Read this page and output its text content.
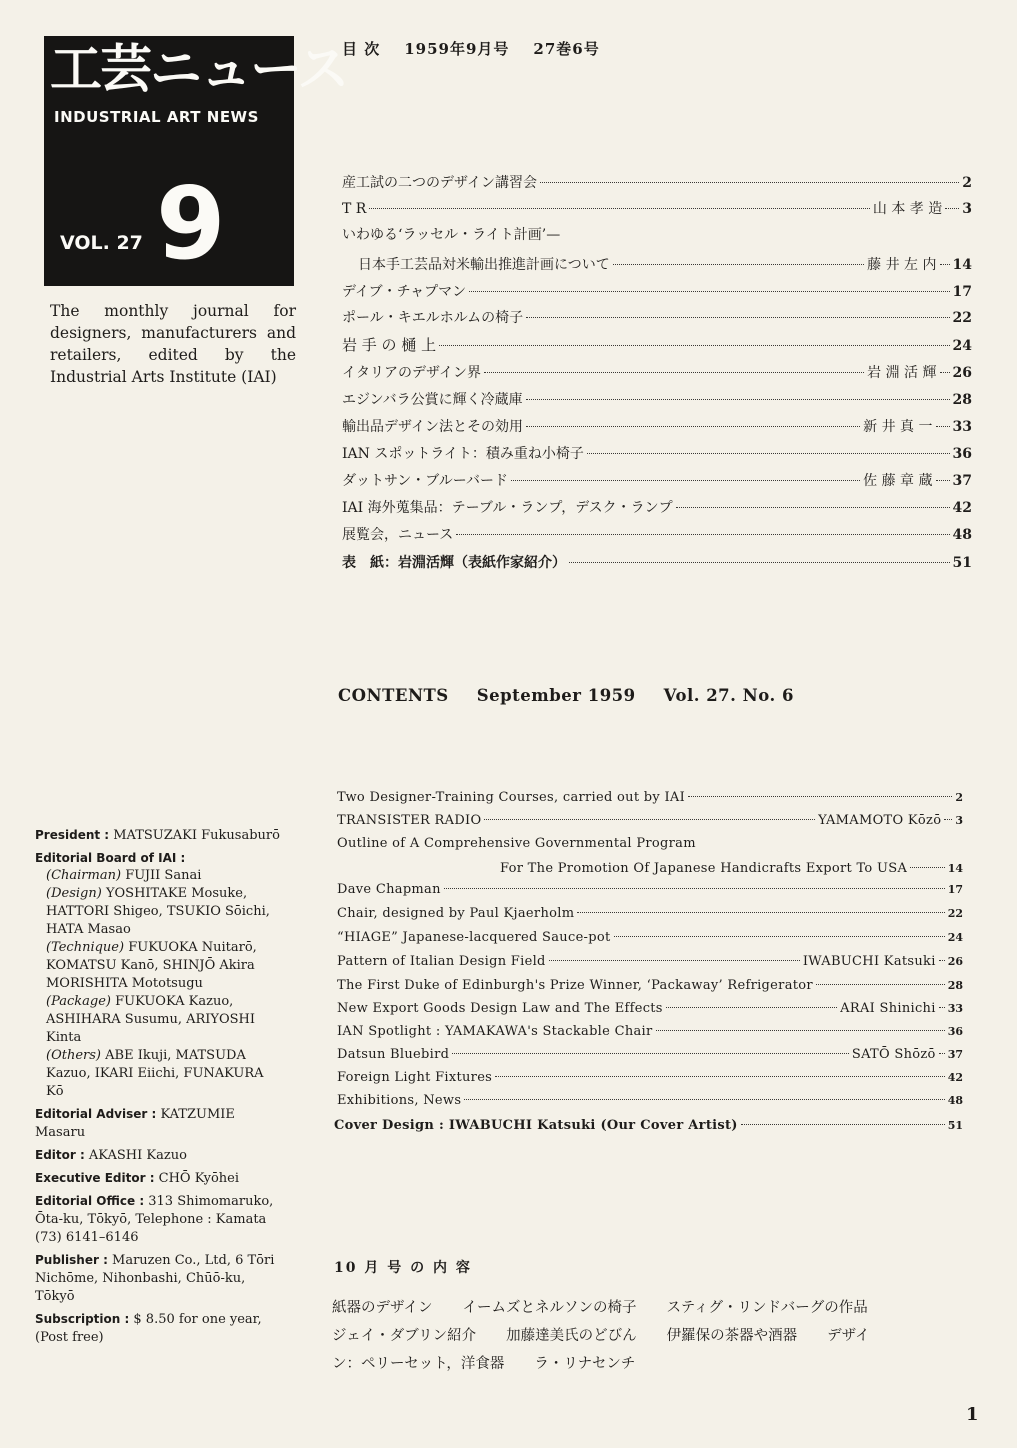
工芸ニュース
INDUSTRIAL ART NEWS
VOL. 27 9
The monthly journal for designers, manufacturers and retailers, edited by the Industrial Arts Institute (IAI)
目 次 1959年9月号 27巻6号
産工試の二つのデザイン講習会	2
T R	山 本 孝 造 3
いわゆる‘ラッセル・ライト計画’—
日本手工芸品対米輸出推進計画について	藤 井 左 内 14
デイブ・チャプマン	17
ポール・キエルホルムの椅子	22
岩 手 の 樋 上	24
イタリアのデザイン界	岩 淵 活 輝 26
エジンバラ公賞に輝く冷蔵庫	28
輸出品デザイン法とその効用	新 井 真 一 33
IAN スポットライト：積み重ね小椅子	36
ダットサン・ブルーバード	佐 藤 章 蔵 37
IAI 海外蒐集品：テーブル・ランプ，デスク・ランプ	42
展覧会，ニュース	48
表　紙：岩淵活輝（表紙作家紹介）	51
CONTENTS September 1959 Vol. 27. No. 6
Two Designer-Training Courses, carried out by IAI	2
TRANSISTER RADIO	YAMAMOTO Kōzō 3
Outline of A Comprehensive Governmental Program
For The Promotion Of Japanese Handicrafts Export To USA	14
Dave Chapman	17
Chair, designed by Paul Kjaerholm	22
“HIAGE” Japanese-lacquered Sauce-pot	24
Pattern of Italian Design Field	IWABUCHI Katsuki 26
The First Duke of Edinburgh's Prize Winner, ‘Packaway’ Refrigerator	28
New Export Goods Design Law and The Effects	ARAI Shinichi 33
IAN Spotlight : YAMAKAWA's Stackable Chair	36
Datsun Bluebird	SATŌ Shōzō 37
Foreign Light Fixtures	42
Exhibitions, News	48
Cover Design : IWABUCHI Katsuki (Our Cover Artist)	51
President : MATSUZAKI Fukusaburō
Editorial Board of IAI :
(Chairman) FUJII Sanai
(Design) YOSHITAKE Mosuke, HATTORI Shigeo, TSUKIO Sōichi, HATA Masao
(Technique) FUKUOKA Nuitarō, KOMATSU Kanō, SHINJŌ Akira MORISHITA Mototsugu
(Package) FUKUOKA Kazuo, ASHIHARA Susumu, ARIYOSHI Kinta
(Others) ABE Ikuji, MATSUDA Kazuo, IKARI Eiichi, FUNAKURA Kō
Editorial Adviser : KATZUMIE Masaru
Editor : AKASHI Kazuo
Executive Editor : CHŌ Kyōhei
Editorial Office : 313 Shimomaruko, Ōta-ku, Tōkyō, Telephone : Kamata (73) 6141–6146
Publisher : Maruzen Co., Ltd, 6 Tōri Nichōme, Nihonbashi, Chūō-ku, Tōkyō
Subscription : $ 8.50 for one year, (Post free)
10 月 号 の 内 容
紙器のデザイン イームズとネルソンの椅子 スティグ・リンドバーグの作品
ジェイ・ダブリン紹介 加藤達美氏のどびん 伊羅保の茶器や酒器 デザイ
ン：ペリーセット，洋食器 ラ・リナセンチ
1
